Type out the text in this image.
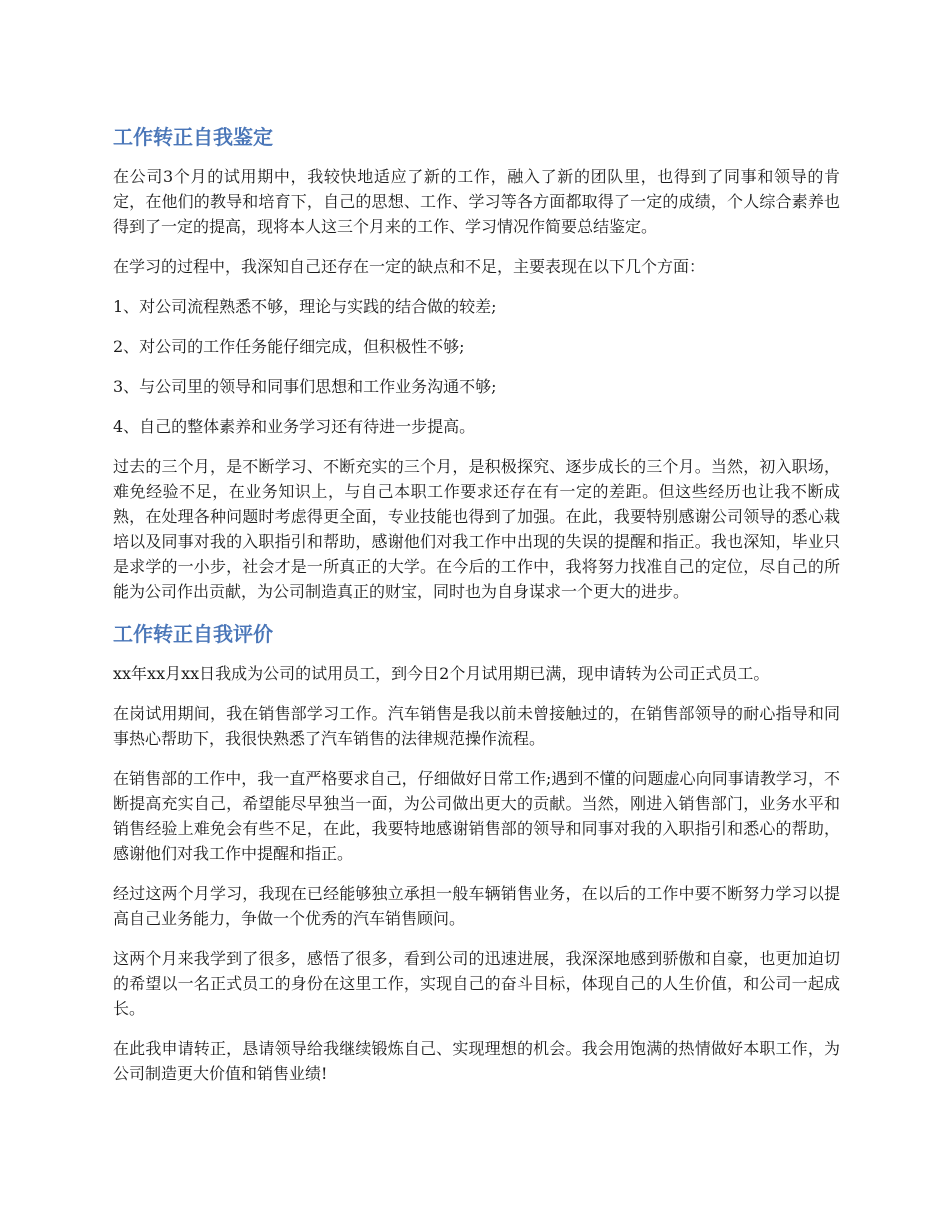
工作转正自我鉴定

在公司3个月的试用期中，我较快地适应了新的工作，融入了新的团队里，也得到了同事和领导的肯定，在他们的教导和培育下，自己的思想、工作、学习等各方面都取得了一定的成绩，个人综合素养也得到了一定的提高，现将本人这三个月来的工作、学习情况作简要总结鉴定。

在学习的过程中，我深知自己还存在一定的缺点和不足，主要表现在以下几个方面：

1、对公司流程熟悉不够，理论与实践的结合做的较差;

2、对公司的工作任务能仔细完成，但积极性不够;

3、与公司里的领导和同事们思想和工作业务沟通不够;

4、自己的整体素养和业务学习还有待进一步提高。

过去的三个月，是不断学习、不断充实的三个月，是积极探究、逐步成长的三个月。当然，初入职场，难免经验不足，在业务知识上，与自己本职工作要求还存在有一定的差距。但这些经历也让我不断成熟，在处理各种问题时考虑得更全面，专业技能也得到了加强。在此，我要特别感谢公司领导的悉心栽培以及同事对我的入职指引和帮助，感谢他们对我工作中出现的失误的提醒和指正。我也深知，毕业只是求学的一小步，社会才是一所真正的大学。在今后的工作中，我将努力找准自己的定位，尽自己的所能为公司作出贡献，为公司制造真正的财宝，同时也为自身谋求一个更大的进步。

工作转正自我评价

xx年xx月xx日我成为公司的试用员工，到今日2个月试用期已满，现申请转为公司正式员工。

在岗试用期间，我在销售部学习工作。汽车销售是我以前未曾接触过的，在销售部领导的耐心指导和同事热心帮助下，我很快熟悉了汽车销售的法律规范操作流程。

在销售部的工作中，我一直严格要求自己，仔细做好日常工作;遇到不懂的问题虚心向同事请教学习，不断提高充实自己，希望能尽早独当一面，为公司做出更大的贡献。当然，刚进入销售部门，业务水平和销售经验上难免会有些不足，在此，我要特地感谢销售部的领导和同事对我的入职指引和悉心的帮助，感谢他们对我工作中提醒和指正。

经过这两个月学习，我现在已经能够独立承担一般车辆销售业务，在以后的工作中要不断努力学习以提高自己业务能力，争做一个优秀的汽车销售顾问。

这两个月来我学到了很多，感悟了很多，看到公司的迅速进展，我深深地感到骄傲和自豪，也更加迫切的希望以一名正式员工的身份在这里工作，实现自己的奋斗目标，体现自己的人生价值，和公司一起成长。

在此我申请转正，恳请领导给我继续锻炼自己、实现理想的机会。我会用饱满的热情做好本职工作，为公司制造更大价值和销售业绩!
